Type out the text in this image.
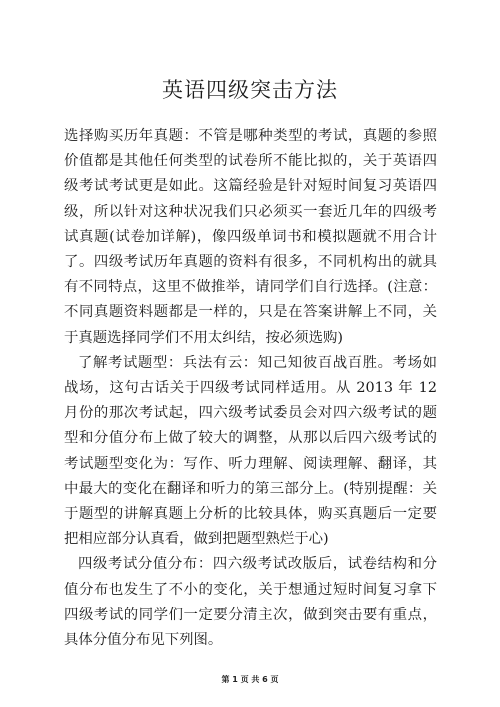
英语四级突击方法

选择购买历年真题：不管是哪种类型的考试，真题的参照价值都是其他任何类型的试卷所不能比拟的，关于英语四级考试考试更是如此。这篇经验是针对短时间复习英语四级，所以针对这种状况我们只必须买一套近几年的四级考试真题(试卷加详解)，像四级单词书和模拟题就不用合计了。四级考试历年真题的资料有很多，不同机构出的就具有不同特点，这里不做推举，请同学们自行选择。(注意：不同真题资料题都是一样的，只是在答案讲解上不同，关于真题选择同学们不用太纠结，按必须选购)

了解考试题型：兵法有云：知己知彼百战百胜。考场如战场，这句古话关于四级考试同样适用。从 2013 年 12 月份的那次考试起，四六级考试委员会对四六级考试的题型和分值分布上做了较大的调整，从那以后四六级考试的考试题型变化为：写作、听力理解、阅读理解、翻译，其中最大的变化在翻译和听力的第三部分上。(特别提醒：关于题型的讲解真题上分析的比较具体，购买真题后一定要把相应部分认真看，做到把题型熟烂于心)

四级考试分值分布：四六级考试改版后，试卷结构和分值分布也发生了不小的变化，关于想通过短时间复习拿下四级考试的同学们一定要分清主次，做到突击要有重点，具体分值分布见下列图。

第 1 页 共 6 页
